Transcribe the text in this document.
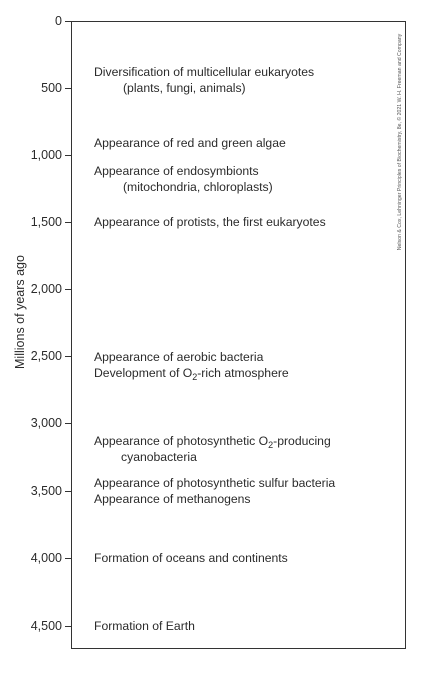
0
500
1,000
1,500
2,000
2,500
3,000
3,500
4,000
4,500
Millions of years ago
Diversification of multicellular eukaryotes
(plants, fungi, animals)
Appearance of red and green algae
Appearance of endosymbionts
(mitochondria, chloroplasts)
Appearance of protists, the first eukaryotes
Appearance of aerobic bacteria
Development of $O_2$-rich atmosphere
Appearance of photosynthetic $O_2$-producing
cyanobacteria
Appearance of photosynthetic sulfur bacteria
Appearance of methanogens
Formation of oceans and continents
Formation of Earth
Nelson & Cox, Lehninger Principles of Biochemistry, 8e, © 2021 W. H. Freeman and Company
